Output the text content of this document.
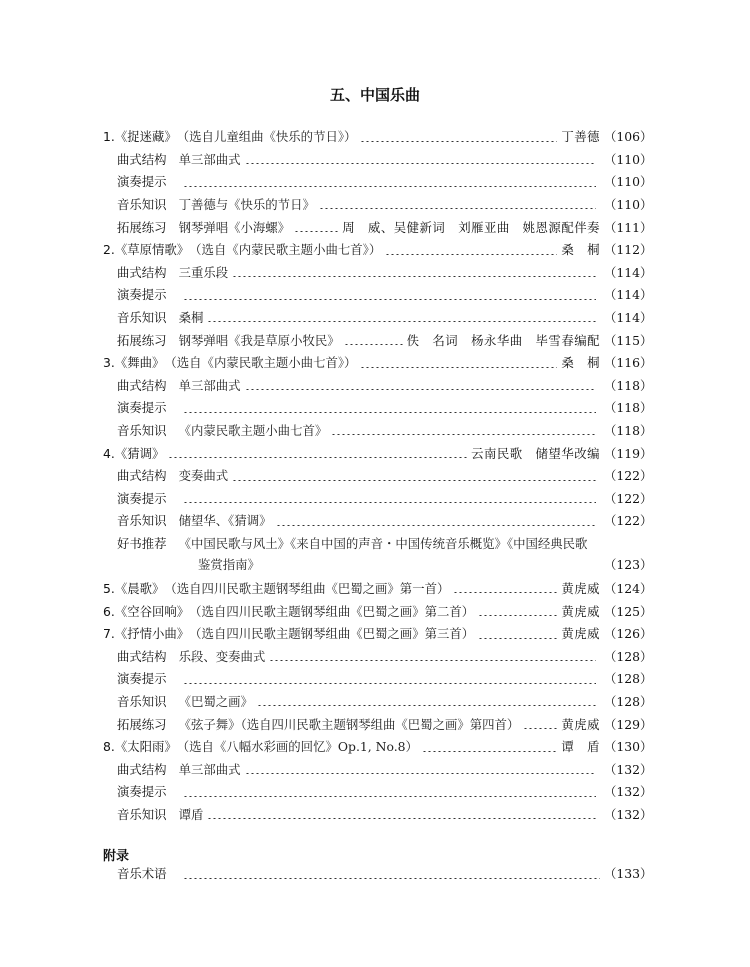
五、中国乐曲
1. 《捉迷藏》 （选自儿童组曲《快乐的节日》）	丁善德 （106）
曲式结构 单三部曲式	（110）
演奏提示	（110）
音乐知识 丁善德与《快乐的节日》	（110）
拓展练习 钢琴弹唱《小海螺》	周　威、吴健新词　刘雁亚曲　姚恩源配伴奏 （111）
2. 《草原情歌》 （选自《内蒙民歌主题小曲七首》）	桑　桐 （112）
曲式结构 三重乐段	（114）
演奏提示	（114）
音乐知识 桑桐	（114）
拓展练习 钢琴弹唱《我是草原小牧民》	佚　名词　杨永华曲　毕雪春编配 （115）
3. 《舞曲》 （选自《内蒙民歌主题小曲七首》）	桑　桐 （116）
曲式结构 单三部曲式	（118）
演奏提示	（118）
音乐知识 《内蒙民歌主题小曲七首》	（118）
4. 《猜调》	云南民歌　储望华改编 （119）
曲式结构 变奏曲式	（122）
演奏提示	（122）
音乐知识 储望华、《猜调》	（122）
好书推荐 《中国民歌与风土》《来自中国的声音・中国传统音乐概览》《中国经典民歌
鉴赏指南》	（123）
5. 《晨歌》 （选自四川民歌主题钢琴组曲《巴蜀之画》第一首）	黄虎威 （124）
6. 《空谷回响》 （选自四川民歌主题钢琴组曲《巴蜀之画》第二首）	黄虎威 （125）
7. 《抒情小曲》 （选自四川民歌主题钢琴组曲《巴蜀之画》第三首）	黄虎威 （126）
曲式结构 乐段、变奏曲式	（128）
演奏提示	（128）
音乐知识 《巴蜀之画》	（128）
拓展练习 《弦子舞》（选自四川民歌主题钢琴组曲《巴蜀之画》第四首）	黄虎威 （129）
8. 《太阳雨》 （选自《八幅水彩画的回忆》Op.1, No.8）	谭　盾 （130）
曲式结构 单三部曲式	（132）
演奏提示	（132）
音乐知识 谭盾	（132）
附录
音乐术语	（133）
